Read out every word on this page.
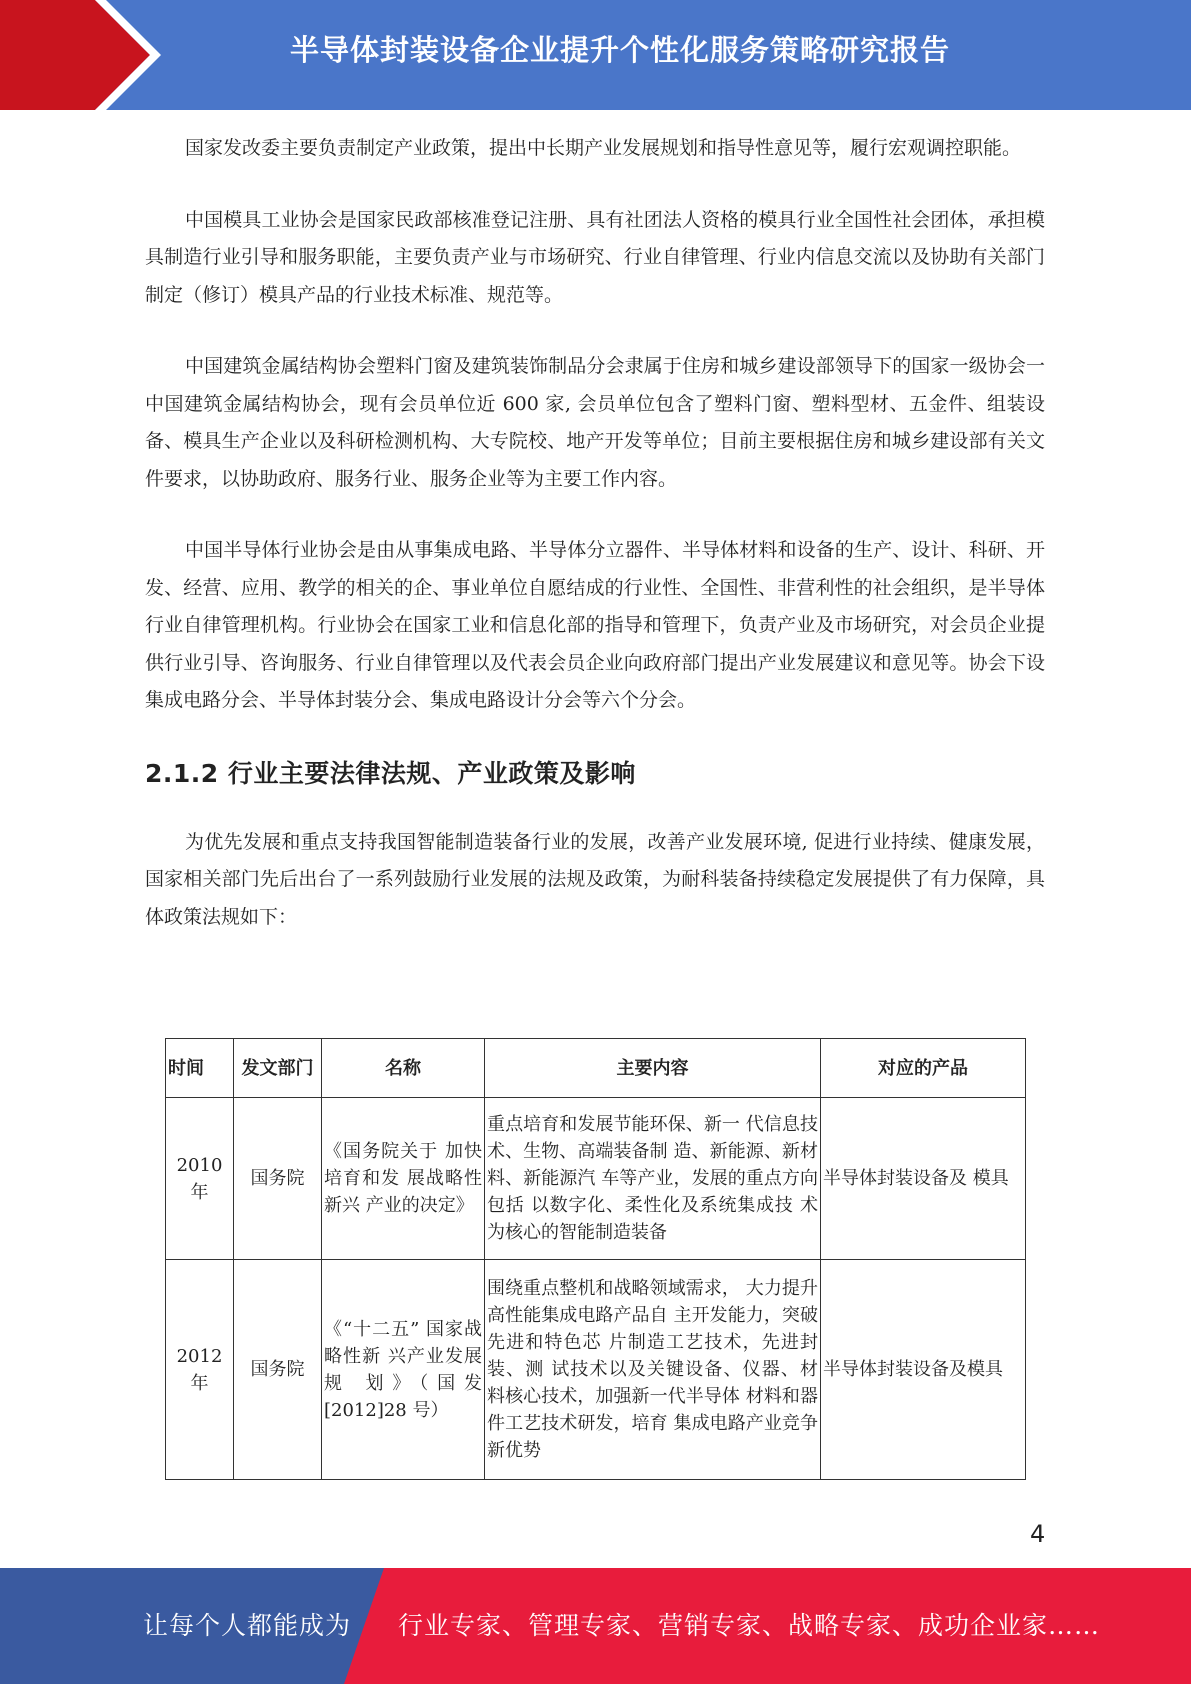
半导体封装设备企业提升个性化服务策略研究报告

国家发改委主要负责制定产业政策，提出中长期产业发展规划和指导性意见等，履行宏观调控职能。

中国模具工业协会是国家民政部核准登记注册、具有社团法人资格的模具行业全国性社会团体，承担模具制造行业引导和服务职能，主要负责产业与市场研究、行业自律管理、行业内信息交流以及协助有关部门制定（修订）模具产品的行业技术标准、规范等。

中国建筑金属结构协会塑料门窗及建筑装饰制品分会隶属于住房和城乡建设部领导下的国家一级协会一中国建筑金属结构协会，现有会员单位近 600 家, 会员单位包含了塑料门窗、塑料型材、五金件、组装设备、模具生产企业以及科研检测机构、大专院校、地产开发等单位；目前主要根据住房和城乡建设部有关文件要求，以协助政府、服务行业、服务企业等为主要工作内容。

中国半导体行业协会是由从事集成电路、半导体分立器件、半导体材料和设备的生产、设计、科研、开发、经营、应用、教学的相关的企、事业单位自愿结成的行业性、全国性、非营利性的社会组织，是半导体行业自律管理机构。行业协会在国家工业和信息化部的指导和管理下，负责产业及市场研究，对会员企业提供行业引导、咨询服务、行业自律管理以及代表会员企业向政府部门提出产业发展建议和意见等。协会下设集成电路分会、半导体封装分会、集成电路设计分会等六个分会。

2.1.2 行业主要法律法规、产业政策及影响

为优先发展和重点支持我国智能制造装备行业的发展，改善产业发展环境, 促进行业持续、健康发展，国家相关部门先后出台了一系列鼓励行业发展的法规及政策，为耐科装备持续稳定发展提供了有力保障，具体政策法规如下：

时间	发文部门	名称	主要内容	对应的产品
2010 年	国务院	《国务院关于 加快培育和发 展战略性新兴 产业的决定》	重点培育和发展节能环保、新一 代信息技术、生物、高端装备制 造、新能源、新材料、新能源汽 车等产业，发展的重点方向包括 以数字化、柔性化及系统集成技 术为核心的智能制造装备	半导体封装设备及 模具
2012 年	国务院	《“十二五” 国家战略性新 兴产业发展规 划》（国发 [2012]28 号）	围绕重点整机和战略领域需求， 大力提升高性能集成电路产品自 主开发能力，突破先进和特色芯 片制造工艺技术，先进封装、测 试技术以及关键设备、仪器、材 料核心技术，加强新一代半导体 材料和器件工艺技术研发，培育 集成电路产业竞争新优势	半导体封装设备及模具
4
让每个人都能成为 行业专家、管理专家、营销专家、战略专家、成功企业家……
